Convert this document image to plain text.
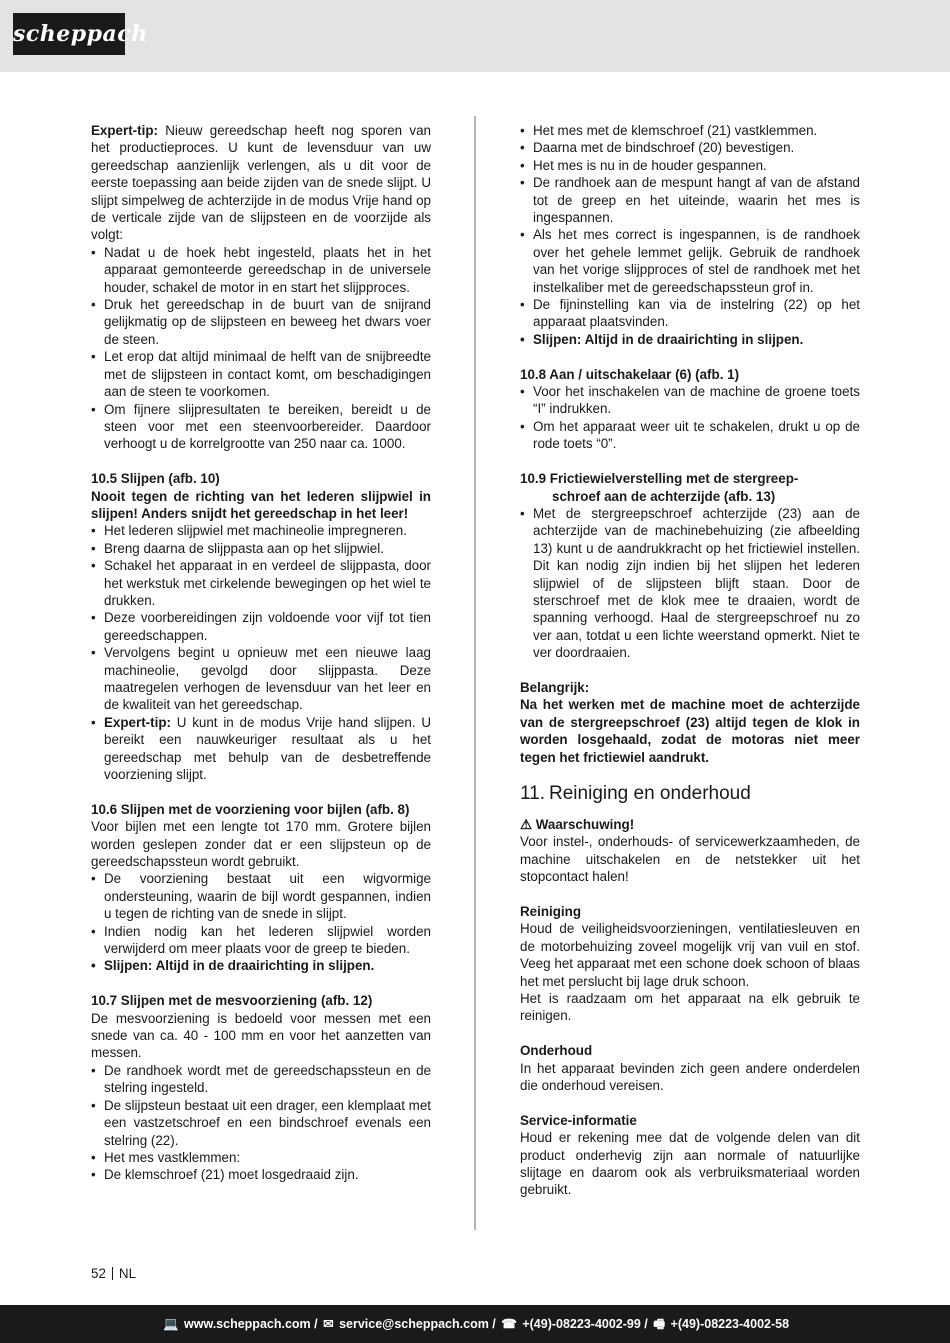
scheppach

Expert-tip: Nieuw gereedschap heeft nog sporen van het productieproces. U kunt de levensduur van uw gereedschap aanzienlijk verlengen, als u dit voor de eerste toepassing aan beide zijden van de snede slijpt. U slijpt simpelweg de achterzijde in de modus Vrije hand op de verticale zijde van de slijpsteen en de voorzijde als volgt:

• Nadat u de hoek hebt ingesteld, plaats het in het apparaat gemonteerde gereedschap in de universele houder, schakel de motor in en start het slijpproces.
• Druk het gereedschap in de buurt van de snijrand gelijkmatig op de slijpsteen en beweeg het dwars voer de steen.
• Let erop dat altijd minimaal de helft van de snijbreedte met de slijpsteen in contact komt, om beschadigingen aan de steen te voorkomen.
• Om fijnere slijpresultaten te bereiken, bereidt u de steen voor met een steenvoorbereider. Daardoor verhoogt u de korrelgrootte van 250 naar ca. 1000.

10.5 Slijpen (afb. 10)

Nooit tegen de richting van het lederen slijpwiel in slijpen! Anders snijdt het gereedschap in het leer!

• Het lederen slijpwiel met machineolie impregneren.
• Breng daarna de slijppasta aan op het slijpwiel.
• Schakel het apparaat in en verdeel de slijppasta, door het werkstuk met cirkelende bewegingen op het wiel te drukken.
• Deze voorbereidingen zijn voldoende voor vijf tot tien gereedschappen.
• Vervolgens begint u opnieuw met een nieuwe laag machineolie, gevolgd door slijppasta. Deze maatregelen verhogen de levensduur van het leer en de kwaliteit van het gereedschap.
• Expert-tip: U kunt in de modus Vrije hand slijpen. U bereikt een nauwkeuriger resultaat als u het gereedschap met behulp van de desbetreffende voorziening slijpt.

10.6 Slijpen met de voorziening voor bijlen (afb. 8)

Voor bijlen met een lengte tot 170 mm. Grotere bijlen worden geslepen zonder dat er een slijpsteun op de gereedschapssteun wordt gebruikt.

• De voorziening bestaat uit een wigvormige ondersteuning, waarin de bijl wordt gespannen, indien u tegen de richting van de snede in slijpt.
• Indien nodig kan het lederen slijpwiel worden verwijderd om meer plaats voor de greep te bieden.
• Slijpen: Altijd in de draairichting in slijpen.

10.7 Slijpen met de mesvoorziening (afb. 12)

De mesvoorziening is bedoeld voor messen met een snede van ca. 40 - 100 mm en voor het aanzetten van messen.

• De randhoek wordt met de gereedschapssteun en de stelring ingesteld.
• De slijpsteun bestaat uit een drager, een klemplaat met een vastzetschroef en een bindschroef evenals een stelring (22).
• Het mes vastklemmen:
• De klemschroef (21) moet losgedraaid zijn.
• Het mes met de klemschroef (21) vastklemmen.
• Daarna met de bindschroef (20) bevestigen.
• Het mes is nu in de houder gespannen.
• De randhoek aan de mespunt hangt af van de afstand tot de greep en het uiteinde, waarin het mes is ingespannen.
• Als het mes correct is ingespannen, is de randhoek over het gehele lemmet gelijk. Gebruik de randhoek van het vorige slijpproces of stel de randhoek met het instelkaliber met de gereedschapssteun grof in.
• De fijninstelling kan via de instelring (22) op het apparaat plaatsvinden.
• Slijpen: Altijd in de draairichting in slijpen.

10.8 Aan / uitschakelaar (6) (afb. 1)

• Voor het inschakelen van de machine de groene toets “I” indrukken.
• Om het apparaat weer uit te schakelen, drukt u op de rode toets “0”.

10.9 Frictiewielverstelling met de stergreep-
schroef aan de achterzijde (afb. 13)

• Met de stergreepschroef achterzijde (23) aan de achterzijde van de machinebehuizing (zie afbeelding 13) kunt u de aandrukkracht op het frictiewiel instellen. Dit kan nodig zijn indien bij het slijpen het lederen slijpwiel of de slijpsteen blijft staan. Door de sterschroef met de klok mee te draaien, wordt de spanning verhoogd. Haal de stergreepschroef nu zo ver aan, totdat u een lichte weerstand opmerkt. Niet te ver doordraaien.

Belangrijk:

Na het werken met de machine moet de achterzijde van de stergreepschroef (23) altijd tegen de klok in worden losgehaald, zodat de motoras niet meer tegen het frictiewiel aandrukt.

11. Reiniging en onderhoud

⚠ Waarschuwing!

Voor instel-, onderhouds- of servicewerkzaamheden, de machine uitschakelen en de netstekker uit het stopcontact halen!

Reiniging

Houd de veiligheidsvoorzieningen, ventilatiesleuven en de motorbehuizing zoveel mogelijk vrij van vuil en stof. Veeg het apparaat met een schone doek schoon of blaas het met perslucht bij lage druk schoon.

Het is raadzaam om het apparaat na elk gebruik te reinigen.

Onderhoud

In het apparaat bevinden zich geen andere onderdelen die onderhoud vereisen.

Service-informatie

Houd er rekening mee dat de volgende delen van dit product onderhevig zijn aan normale of natuurlijke slijtage en daarom ook als verbruiksmateriaal worden gebruikt.

52 NL
💻 www.scheppach.com / ✉ service@scheppach.com / ☎ +(49)-08223-4002-99 / 🖷 +(49)-08223-4002-58
